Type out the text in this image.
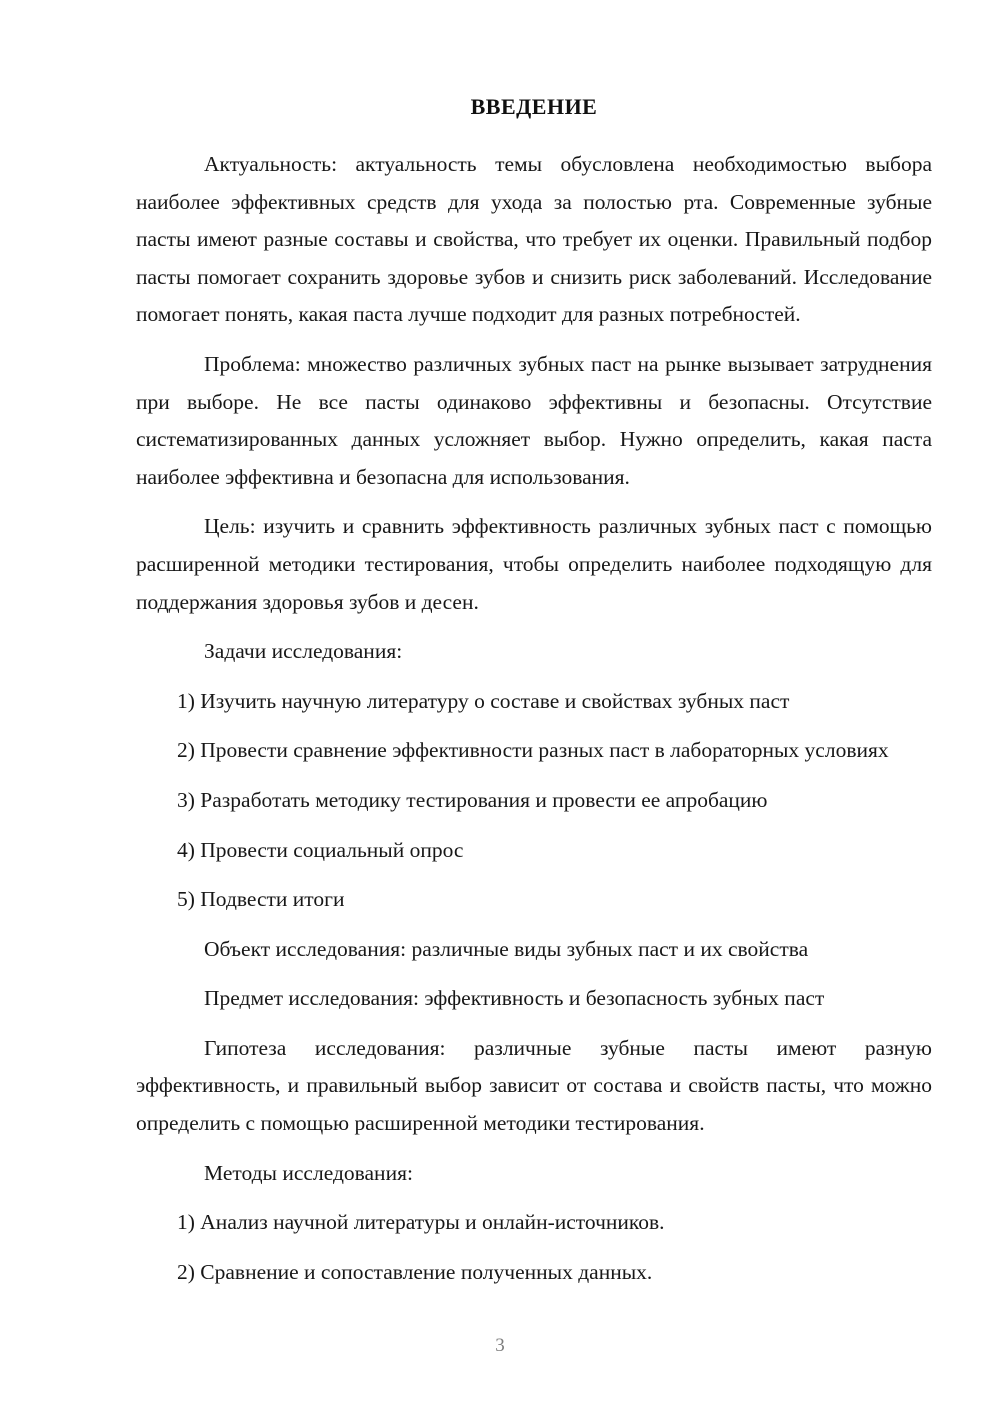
ВВЕДЕНИЕ

Актуальность: актуальность темы обусловлена необходимостью выбора наиболее эффективных средств для ухода за полостью рта. Современные зубные пасты имеют разные составы и свойства, что требует их оценки. Правильный подбор пасты помогает сохранить здоровье зубов и снизить риск заболеваний. Исследование помогает понять, какая паста лучше подходит для разных потребностей.

Проблема: множество различных зубных паст на рынке вызывает затруднения при выборе. Не все пасты одинаково эффективны и безопасны. Отсутствие систематизированных данных усложняет выбор. Нужно определить, какая паста наиболее эффективна и безопасна для использования.

Цель: изучить и сравнить эффективность различных зубных паст с помощью расширенной методики тестирования, чтобы определить наиболее подходящую для поддержания здоровья зубов и десен.

Задачи исследования:

1) Изучить научную литературу о составе и свойствах зубных паст

2) Провести сравнение эффективности разных паст в лабораторных условиях

3) Разработать методику тестирования и провести ее апробацию

4) Провести социальный опрос

5) Подвести итоги

Объект исследования: различные виды зубных паст и их свойства

Предмет исследования: эффективность и безопасность зубных паст

Гипотеза исследования: различные зубные пасты имеют разную эффективность, и правильный выбор зависит от состава и свойств пасты, что можно определить с помощью расширенной методики тестирования.

Методы исследования:

1) Анализ научной литературы и онлайн-источников.

2) Сравнение и сопоставление полученных данных.

3
